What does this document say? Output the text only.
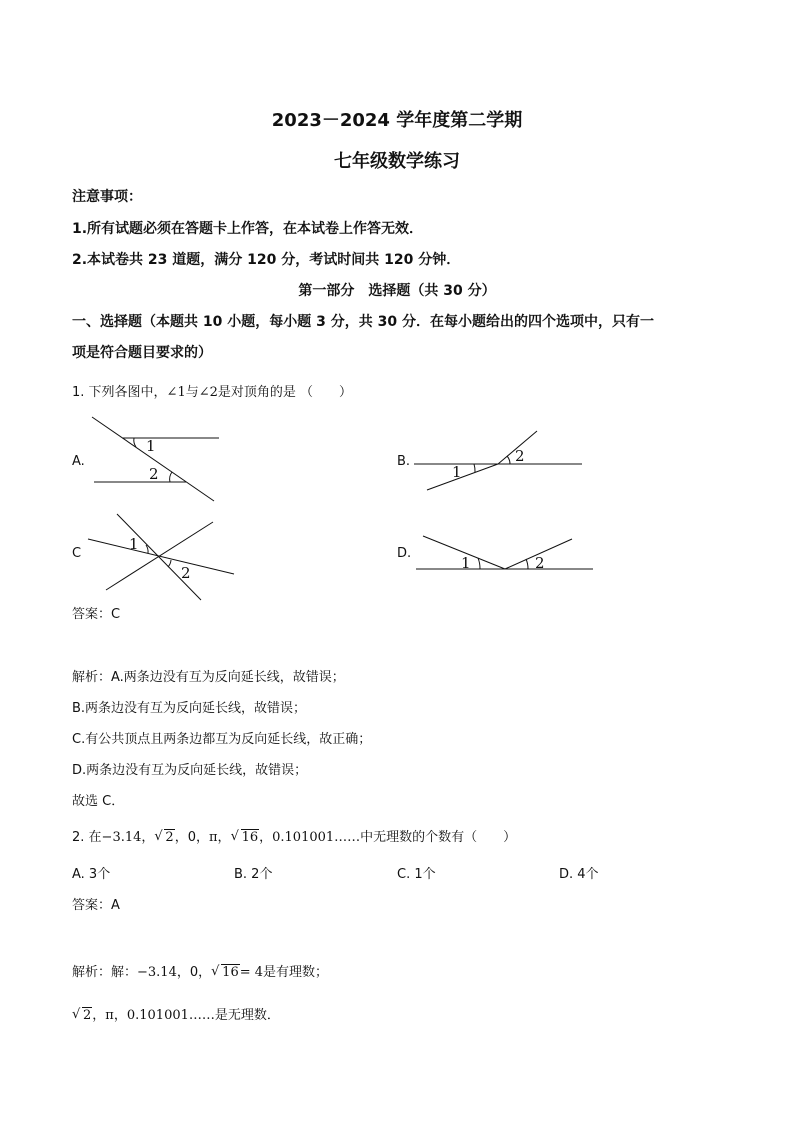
2023－2024 学年度第二学期
七年级数学练习
注意事项：
1.所有试题必须在答题卡上作答，在本试卷上作答无效．
2.本试卷共 23 道题，满分 120 分，考试时间共 120 分钟．
第一部分　选择题（共 30 分）
一、选择题（本题共 10 小题，每小题 3 分，共 30 分．在每小题给出的四个选项中，只有一
项是符合题目要求的）
1. 下列各图中，∠1与∠2是对顶角的是 （　　）
A.
1
2
B.
1
2
C
1
2
D.
1	2
答案：C
解析：A.两条边没有互为反向延长线，故错误；
B.两条边没有互为反向延长线，故错误；
C.有公共顶点且两条边都互为反向延长线，故正确；
D.两条边没有互为反向延长线，故错误；
故选 C．
2. 在−3.14， √ 2，0，π， √ 16，0.101001……中无理数的个数有（　　）
A. 3个	B. 2个	C. 1个	D. 4个
答案：A
解析：解：−3.14，0， √ 16= 4是有理数；
√ 2，π，0.101001……是无理数．
